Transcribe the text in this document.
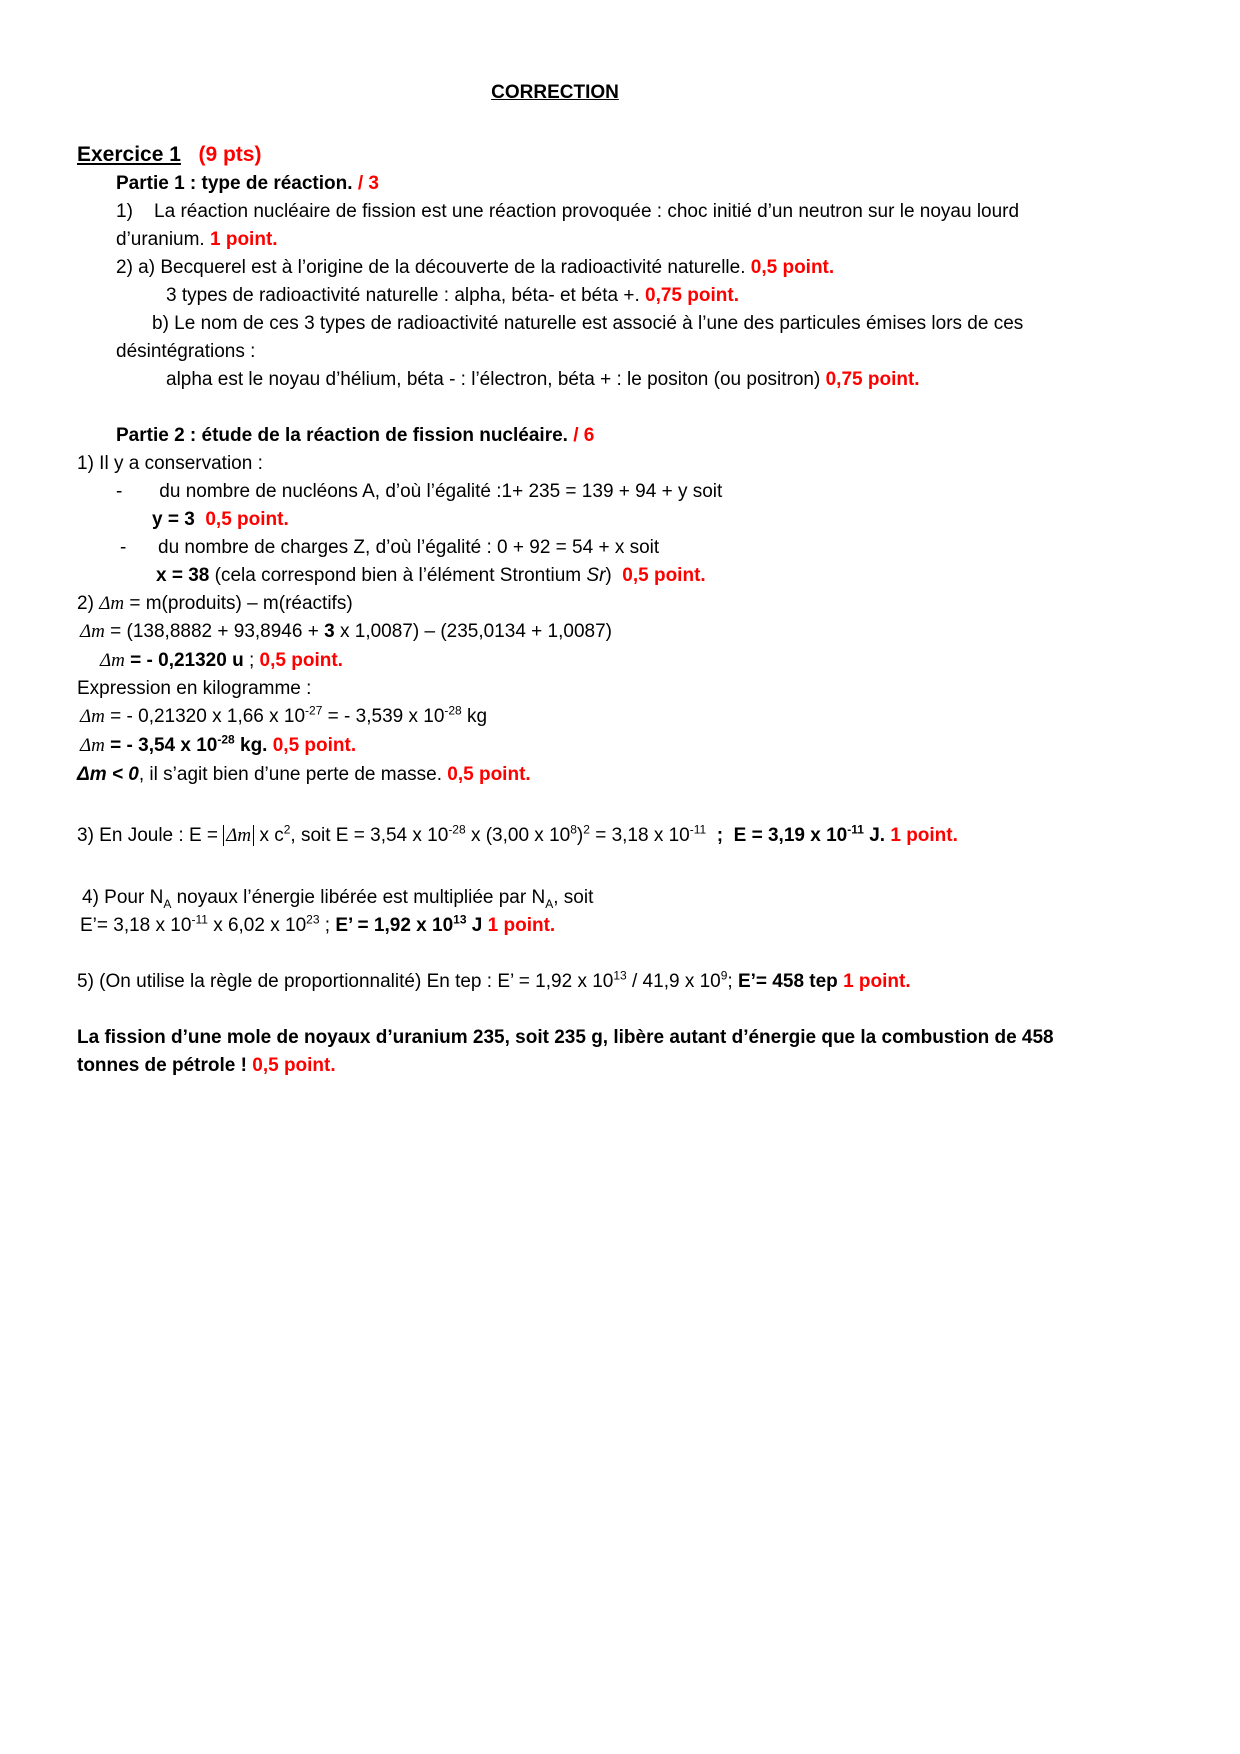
CORRECTION
Exercice 1 (9 pts)
Partie 1 : type de réaction. / 3
1) La réaction nucléaire de fission est une réaction provoquée : choc initié d’un neutron sur le noyau lourd
d’uranium. 1 point.
2) a) Becquerel est à l’origine de la découverte de la radioactivité naturelle. 0,5 point.
3 types de radioactivité naturelle : alpha, béta- et béta +. 0,75 point.
b) Le nom de ces 3 types de radioactivité naturelle est associé à l’une des particules émises lors de ces
désintégrations :
alpha est le noyau d’hélium, béta - : l’électron, béta + : le positon (ou positron) 0,75 point.
Partie 2 : étude de la réaction de fission nucléaire. / 6
1) Il y a conservation :
- du nombre de nucléons A, d’où l’égalité :1+ 235 = 139 + 94 + y soit
y = 3 0,5 point.
- du nombre de charges Z, d’où l’égalité : 0 + 92 = 54 + x soit
x = 38 (cela correspond bien à l’élément Strontium Sr) 0,5 point.
2) Δm = m(produits) – m(réactifs)
Δm = (138,8882 + 93,8946 + 3 x 1,0087) – (235,0134 + 1,0087)
Δm = - 0,21320 u ; 0,5 point.
Expression en kilogramme :
Δm = - 0,21320 x 1,66 x $10^{-27}$ = - 3,539 x $10^{-28}$ kg
Δm = - 3,54 x $10^{-28}$ kg. 0,5 point.
Δm < 0, il s’agit bien d’une perte de masse. 0,5 point.
3) En Joule : E = Δm x $c^2$, soit E = 3,54 x $10^{-28}$ x (3,00 x $10^8)^2 = 3,18$ x $10^{-11}$ ; E = 3,19 x $10^{-11}$ J. 1 point.
4) Pour $N_A$ noyaux l’énergie libérée est multipliée par $N_A$, soit
E’= 3,18 x $10^{-11}$ x 6,02 x $10^{23}$ ; E’ = 1,92 x $10^{13}$ J 1 point.
5) (On utilise la règle de proportionnalité) En tep : E’ = 1,92 x $10^{13} / 41,9$ x $10^9$; E’= 458 tep 1 point.
La fission d’une mole de noyaux d’uranium 235, soit 235 g, libère autant d’énergie que la combustion de 458
tonnes de pétrole ! 0,5 point.
